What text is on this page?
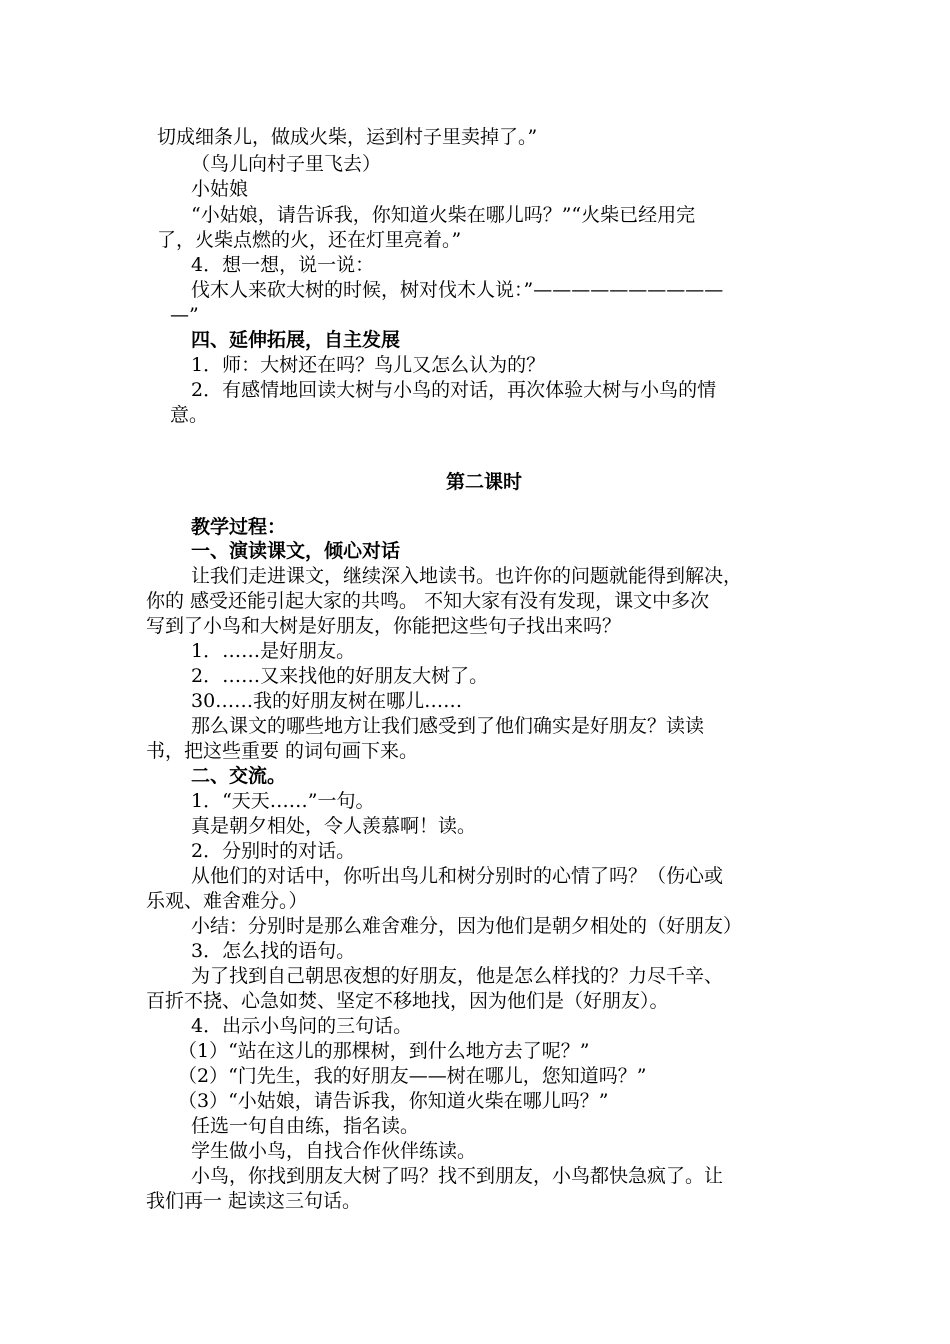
切成细条儿，做成火柴，运到村子里卖掉了。”
（鸟儿向村子里飞去）
小姑娘
“小姑娘，请告诉我，你知道火柴在哪儿吗？”“火柴已经用完
了，火柴点燃的火，还在灯里亮着。”
4．想一想，说一说：
伐木人来砍大树的时候，树对伐木人说：”——————————
—”
四、延伸拓展，自主发展
1．师：大树还在吗？鸟儿又怎么认为的？
2．有感情地回读大树与小鸟的对话，再次体验大树与小鸟的情
意。
第二课时
教学过程：
一、演读课文，倾心对话
让我们走进课文，继续深入地读书。也许你的问题就能得到解决，
你的 感受还能引起大家的共鸣。 不知大家有没有发现，课文中多次
写到了小鸟和大树是好朋友，你能把这些句子找出来吗？
1．……是好朋友。
2．……又来找他的好朋友大树了。
30……我的好朋友树在哪儿……
那么课文的哪些地方让我们感受到了他们确实是好朋友？读读
书，把这些重要 的词句画下来。
二、交流。
1．“天天……”一句。
真是朝夕相处，令人羡慕啊！读。
2．分别时的对话。
从他们的对话中，你听出鸟儿和树分别时的心情了吗？（伤心或
乐观、难舍难分。）
小结：分别时是那么难舍难分，因为他们是朝夕相处的（好朋友）
3．怎么找的语句。
为了找到自己朝思夜想的好朋友，他是怎么样找的？力尽千辛、
百折不挠、心急如焚、坚定不移地找，因为他们是（好朋友）。
4．出示小鸟问的三句话。
（1）“站在这儿的那棵树，到什么地方去了呢？”
（2）“门先生，我的好朋友——树在哪儿，您知道吗？”
（3）“小姑娘，请告诉我，你知道火柴在哪儿吗？”
任选一句自由练，指名读。
学生做小鸟，自找合作伙伴练读。
小鸟，你找到朋友大树了吗？找不到朋友，小鸟都快急疯了。让
我们再一 起读这三句话。
